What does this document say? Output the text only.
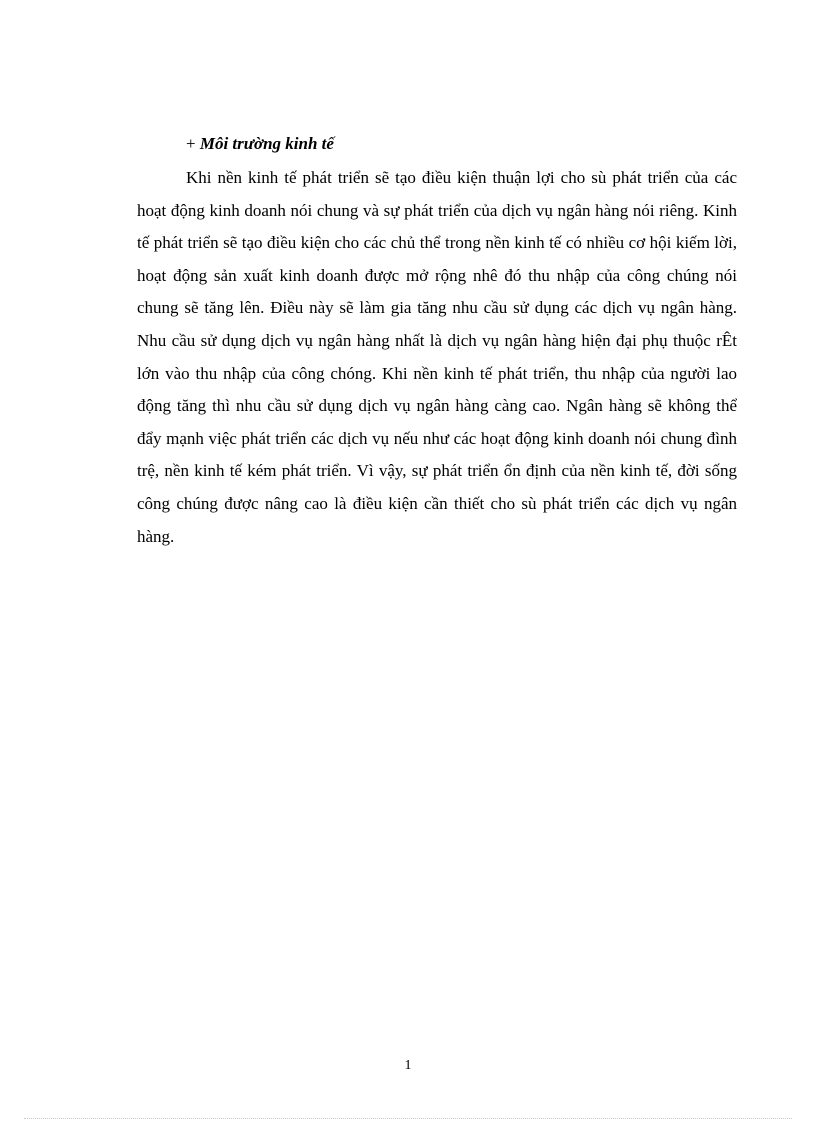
+ Môi trường kinh tế

Khi nền kinh tế phát triển sẽ tạo điều kiện thuận lợi cho sù phát triển của các hoạt động kinh doanh nói chung và sự phát triển của dịch vụ ngân hàng nói riêng. Kinh tế phát triển sẽ tạo điều kiện cho các chủ thể trong nền kinh tế có nhiều cơ hội kiếm lời, hoạt động sản xuất kinh doanh được mở rộng nhê đó thu nhập của công chúng nói chung sẽ tăng lên. Điều này sẽ làm gia tăng nhu cầu sử dụng các dịch vụ ngân hàng. Nhu cầu sử dụng dịch vụ ngân hàng nhất là dịch vụ ngân hàng hiện đại phụ thuộc rÊt lớn vào thu nhập của công chóng. Khi nền kinh tế phát triển, thu nhập của người lao động tăng thì nhu cầu sử dụng dịch vụ ngân hàng càng cao. Ngân hàng sẽ không thể đẩy mạnh việc phát triển các dịch vụ nếu như các hoạt động kinh doanh nói chung đình trệ, nền kinh tế kém phát triển. Vì vậy, sự phát triển ổn định của nền kinh tế, đời sống công chúng được nâng cao là điều kiện cần thiết cho sù phát triển các dịch vụ ngân hàng.

1
